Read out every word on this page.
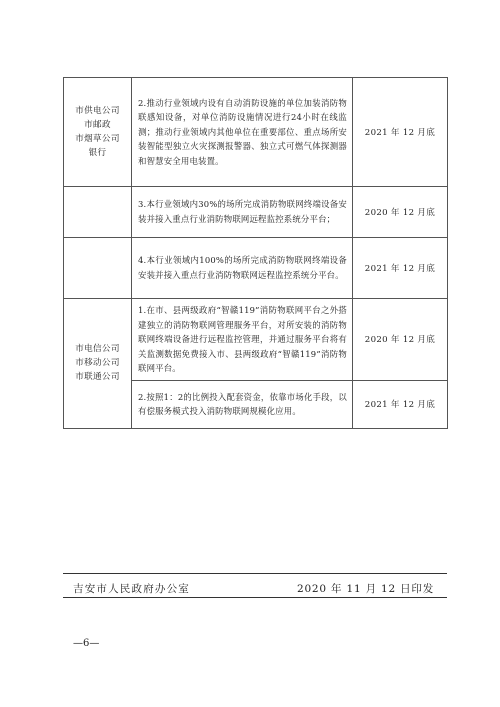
市供电公司
市邮政
市烟草公司
银行	2.推动行业领域内设有自动消防设施的单位加装消防物联感知设备，对单位消防设施情况进行24小时在线监测；推动行业领域内其他单位在重要部位、重点场所安装智能型独立火灾探测报警器、独立式可燃气体探测器和智慧安全用电装置。	2021 年 12 月底
	3.本行业领域内30%的场所完成消防物联网终端设备安装并接入重点行业消防物联网远程监控系统分平台；	2020 年 12 月底
	4.本行业领域内100%的场所完成消防物联网终端设备安装并接入重点行业消防物联网远程监控系统分平台。	2021 年 12 月底

市电信公司
市移动公司
市联通公司	1.在市、县两级政府“智赣119”消防物联网平台之外搭建独立的消防物联网管理服务平台，对所安装的消防物联网终端设备进行远程监控管理，并通过服务平台将有关监测数据免费接入市、县两级政府“智赣119”消防物联网平台。	2020 年 12 月底
	2.按照1：2的比例投入配套资金，依靠市场化手段，以有偿服务模式投入消防物联网规模化应用。	2021 年 12 月底
吉安市人民政府办公室	2020 年 11 月 12 日印发
—6—
